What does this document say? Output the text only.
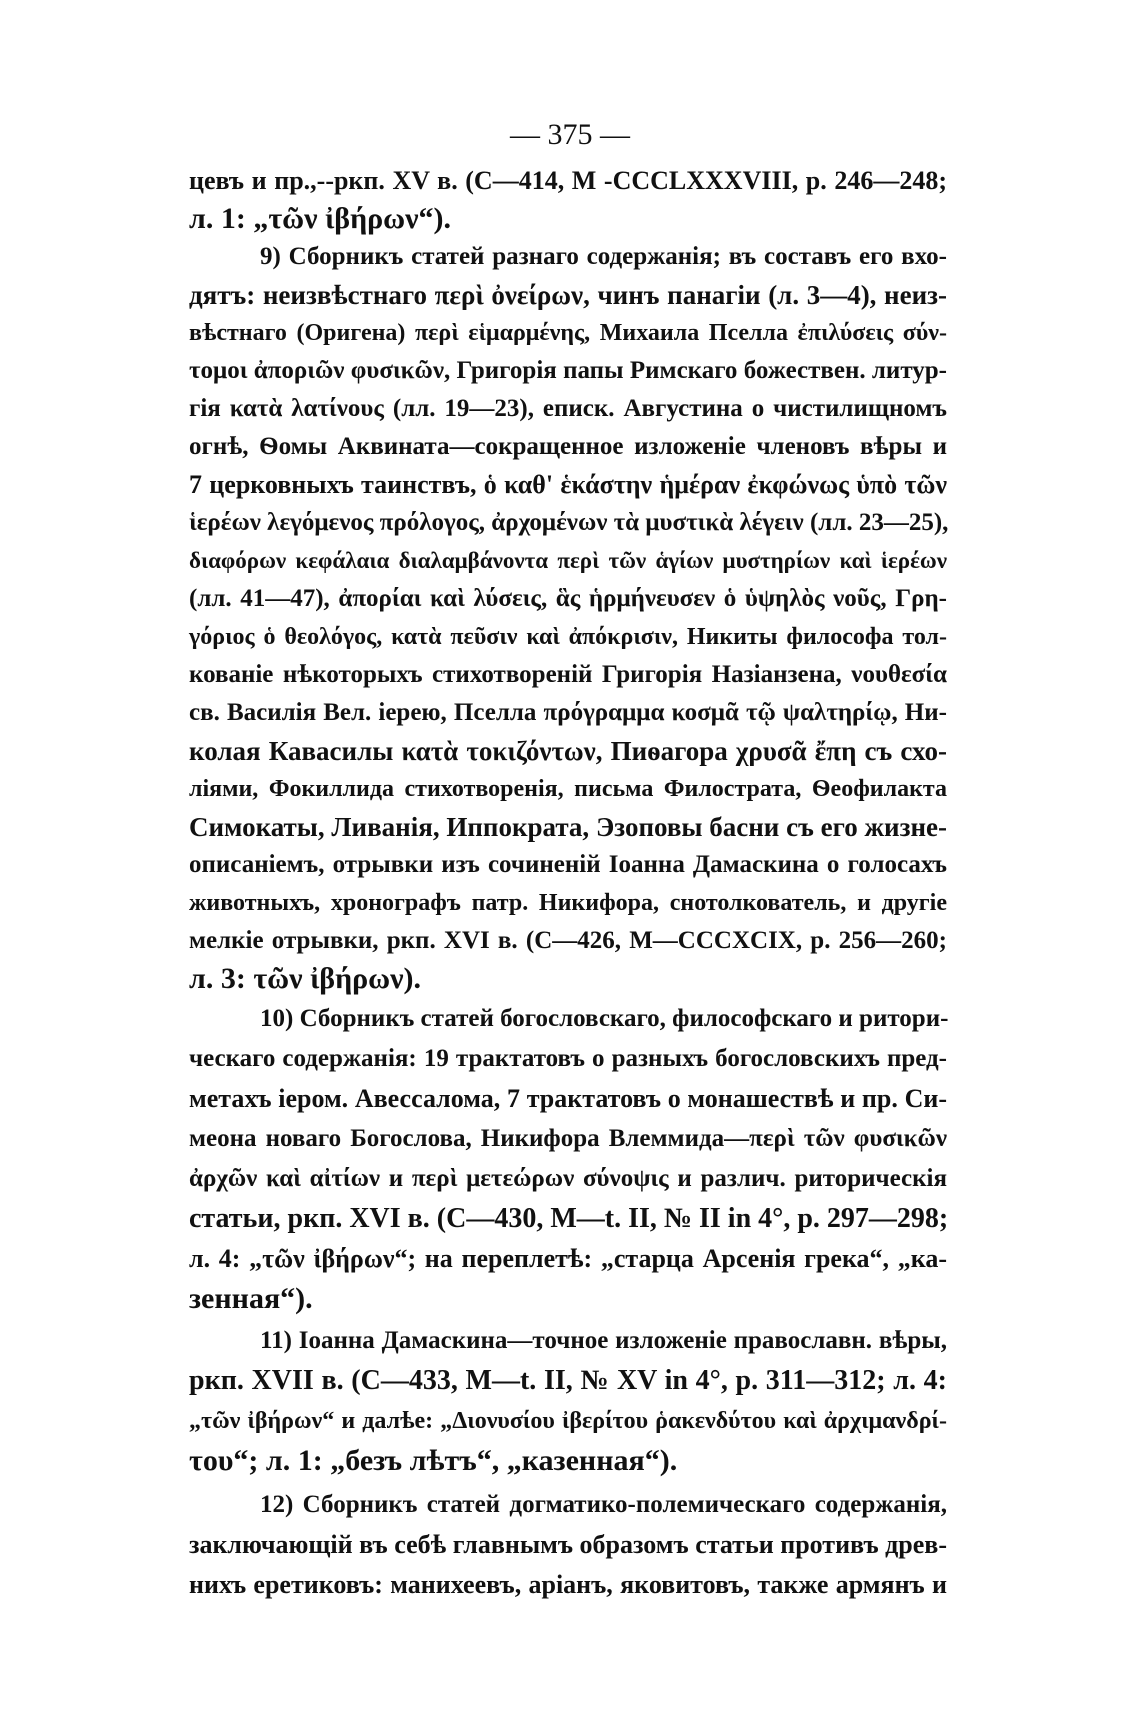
— 375 —
цевъ и пр.,--ркп. XV в. (С—414, M -CCCLXXXVIII, p. 246—248;
л. 1: „τῶν ἰβήρων“).
9) Сборникъ статей разнаго содержанія; въ составъ его вхо-
дятъ: неизвѣстнаго περὶ ὀνείρων, чинъ панагіи (л. 3—4), неиз-
вѣстнаго (Оригена) περὶ εἱμαρμένης, Михаила Пселла ἐπιλύσεις σύν-
τομοι ἀποριῶν φυσικῶν, Григорія папы Римскаго божествен. литур-
гія κατὰ λατίνους (лл. 19—23), еписк. Августина о чистилищномъ
огнѣ, Ѳомы Аквината—сокращенное изложеніе членовъ вѣры и
7 церковныхъ таинствъ, ὁ καθ' ἑκάστην ἡμέραν ἐκφώνως ὑπὸ τῶν
ἱερέων λεγόμενος πρόλογος, ἀρχομένων τὰ μυστικὰ λέγειν (лл. 23—25),
διαφόρων κεφάλαια διαλαμβάνοντα περὶ τῶν ἁγίων μυστηρίων καὶ ἱερέων
(лл. 41—47), ἀπορίαι καὶ λύσεις, ἃς ἡρμήνευσεν ὁ ὑψηλὸς νοῦς, Γρη-
γόριος ὁ θεολόγος, κατὰ πεῦσιν καὶ ἀπόκρισιν, Никиты философа тол-
кованіе нѣкоторыхъ стихотвореній Григорія Назіанзена, νουθεσία
св. Василія Вел. іерею, Пселла πρόγραμμα κοσμᾶ τῷ ψαλτηρίῳ, Ни-
колая Кавасилы κατὰ τοκιζόντων, Пиѳагора χρυσᾶ ἔπη съ схо-
ліями, Фокиллида стихотворенія, письма Филострата, Ѳеофилакта
Симокаты, Ливанія, Иппократа, Эзоповы басни съ его жизне-
описаніемъ, отрывки изъ сочиненій Іоанна Дамаскина о голосахъ
животныхъ, хронографъ патр. Никифора, снотолкователь, и другіе
мелкіе отрывки, ркп. XVI в. (С—426, M—CCCXCIX, p. 256—260;
л. 3: τῶν ἰβήρων).
10) Сборникъ статей богословскаго, философскаго и ритори-
ческаго содержанія: 19 трактатовъ о разныхъ богословскихъ пред-
метахъ іером. Авессалома, 7 трактатовъ о монашествѣ и пр. Си-
меона новаго Богослова, Никифора Влеммида—περὶ τῶν φυσικῶν
ἀρχῶν καὶ αἰτίων и περὶ μετεώρων σύνοψις и различ. риторическія
статьи, ркп. XVI в. (С—430, M—t. II, № II in 4°, p. 297—298;
л. 4: „τῶν ἰβήρων“; на переплетѣ: „старца Арсенія грека“, „ка-
зенная“).
11) Іоанна Дамаскина—точное изложеніе православн. вѣры,
ркп. XVII в. (С—433, M—t. II, № XV in 4°, p. 311—312; л. 4:
„τῶν ἰβήρων“ и далѣе: „Διονυσίου ἰβερίτου ῥακενδύτου καὶ ἀρχιμανδρί-
του“; л. 1: „безъ лѣтъ“, „казенная“).
12) Сборникъ статей догматико-полемическаго содержанія,
заключающій въ себѣ главнымъ образомъ статьи противъ древ-
нихъ еретиковъ: манихеевъ, аріанъ, яковитовъ, также армянъ и
